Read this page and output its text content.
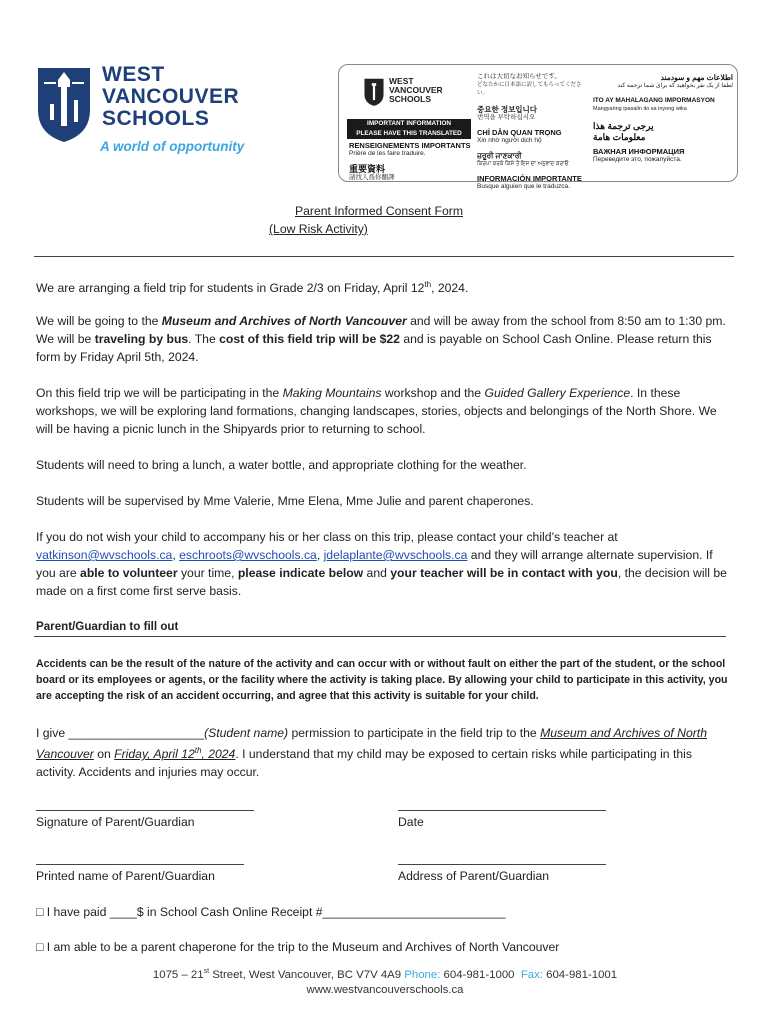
WEST
VANCOUVER
SCHOOLS
A world of opportunity
WEST
VANCOUVER
SCHOOLS
IMPORTANT INFORMATION
PLEASE HAVE THIS TRANSLATED
RENSEIGNEMENTS IMPORTANTS
Prière de les faire traduire.
重要資料
請找人爲你翻譯
これは大切なお知らせです。
どなたかに日本語に訳してもらってください。
중요한 정보입니다
번역을 부탁하십시오
CHỈ DẪN QUAN TRỌNG
Xin nhờ người dịch hộ
ਜ਼ਰੂਰੀ ਜਾਣਕਾਰੀ
ਕਿਰਪਾ ਕਰਕੇ ਕਿਸੇ ਤੋਂ ਇਸ ਦਾ ਅਨੁਵਾਦ ਕਰਾਓ
INFORMACIÓN IMPORTANTE
Busque alguien que le traduzca.
اطلاعات مهم و سودمند
لطفا از یک نفر بخواهید که برای شما ترجمه کند
ITO AY MAHALAGANG IMPORMASYON
Mangyaring ipasalin ito sa inyong wika
يرجى ترجمة هذا معلومات هامة
ВАЖНАЯ ИНФОРМАЦИЯ
Переведите это, пожалуйста.
Parent Informed Consent Form
(Low Risk Activity)
We are arranging a field trip for students in Grade 2/3 on Friday, April 12th, 2024.
We will be going to the Museum and Archives of North Vancouver and will be away from the school from 8:50 am to 1:30 pm. We will be traveling by bus. The cost of this field trip will be $22 and is payable on School Cash Online. Please return this form by Friday April 5th, 2024.
On this field trip we will be participating in the Making Mountains workshop and the Guided Gallery Experience. In these workshops, we will be exploring land formations, changing landscapes, stories, objects and belongings of the North Shore. We will be having a picnic lunch in the Shipyards prior to returning to school.
Students will need to bring a lunch, a water bottle, and appropriate clothing for the weather.
Students will be supervised by Mme Valerie, Mme Elena, Mme Julie and parent chaperones.
If you do not wish your child to accompany his or her class on this trip, please contact your child’s teacher at vatkinson@wvschools.ca, eschroots@wvschools.ca, jdelaplante@wvschools.ca and they will arrange alternate supervision. If you are able to volunteer your time, please indicate below and your teacher will be in contact with you, the decision will be made on a first come first serve basis.
Parent/Guardian to fill out
Accidents can be the result of the nature of the activity and can occur with or without fault on either the part of the student, or the school board or its employees or agents, or the facility where the activity is taking place. By allowing your child to participate in this activity, you are accepting the risk of an accident occurring, and agree that this activity is suitable for your child.
I give ____________________(Student name) permission to participate in the field trip to the Museum and Archives of North Vancouver on Friday, April 12th, 2024. I understand that my child may be exposed to certain risks while participating in this activity. Accidents and injuries may occur.
Signature of Parent/Guardian	Date
Printed name of Parent/Guardian	Address of Parent/Guardian
□ I have paid ____$ in School Cash Online Receipt #___________________________
□ I am able to be a parent chaperone for the trip to the Museum and Archives of North Vancouver
1075 – 21st Street, West Vancouver, BC V7V 4A9 Phone: 604-981-1000  Fax: 604-981-1001
www.westvancouverschools.ca
